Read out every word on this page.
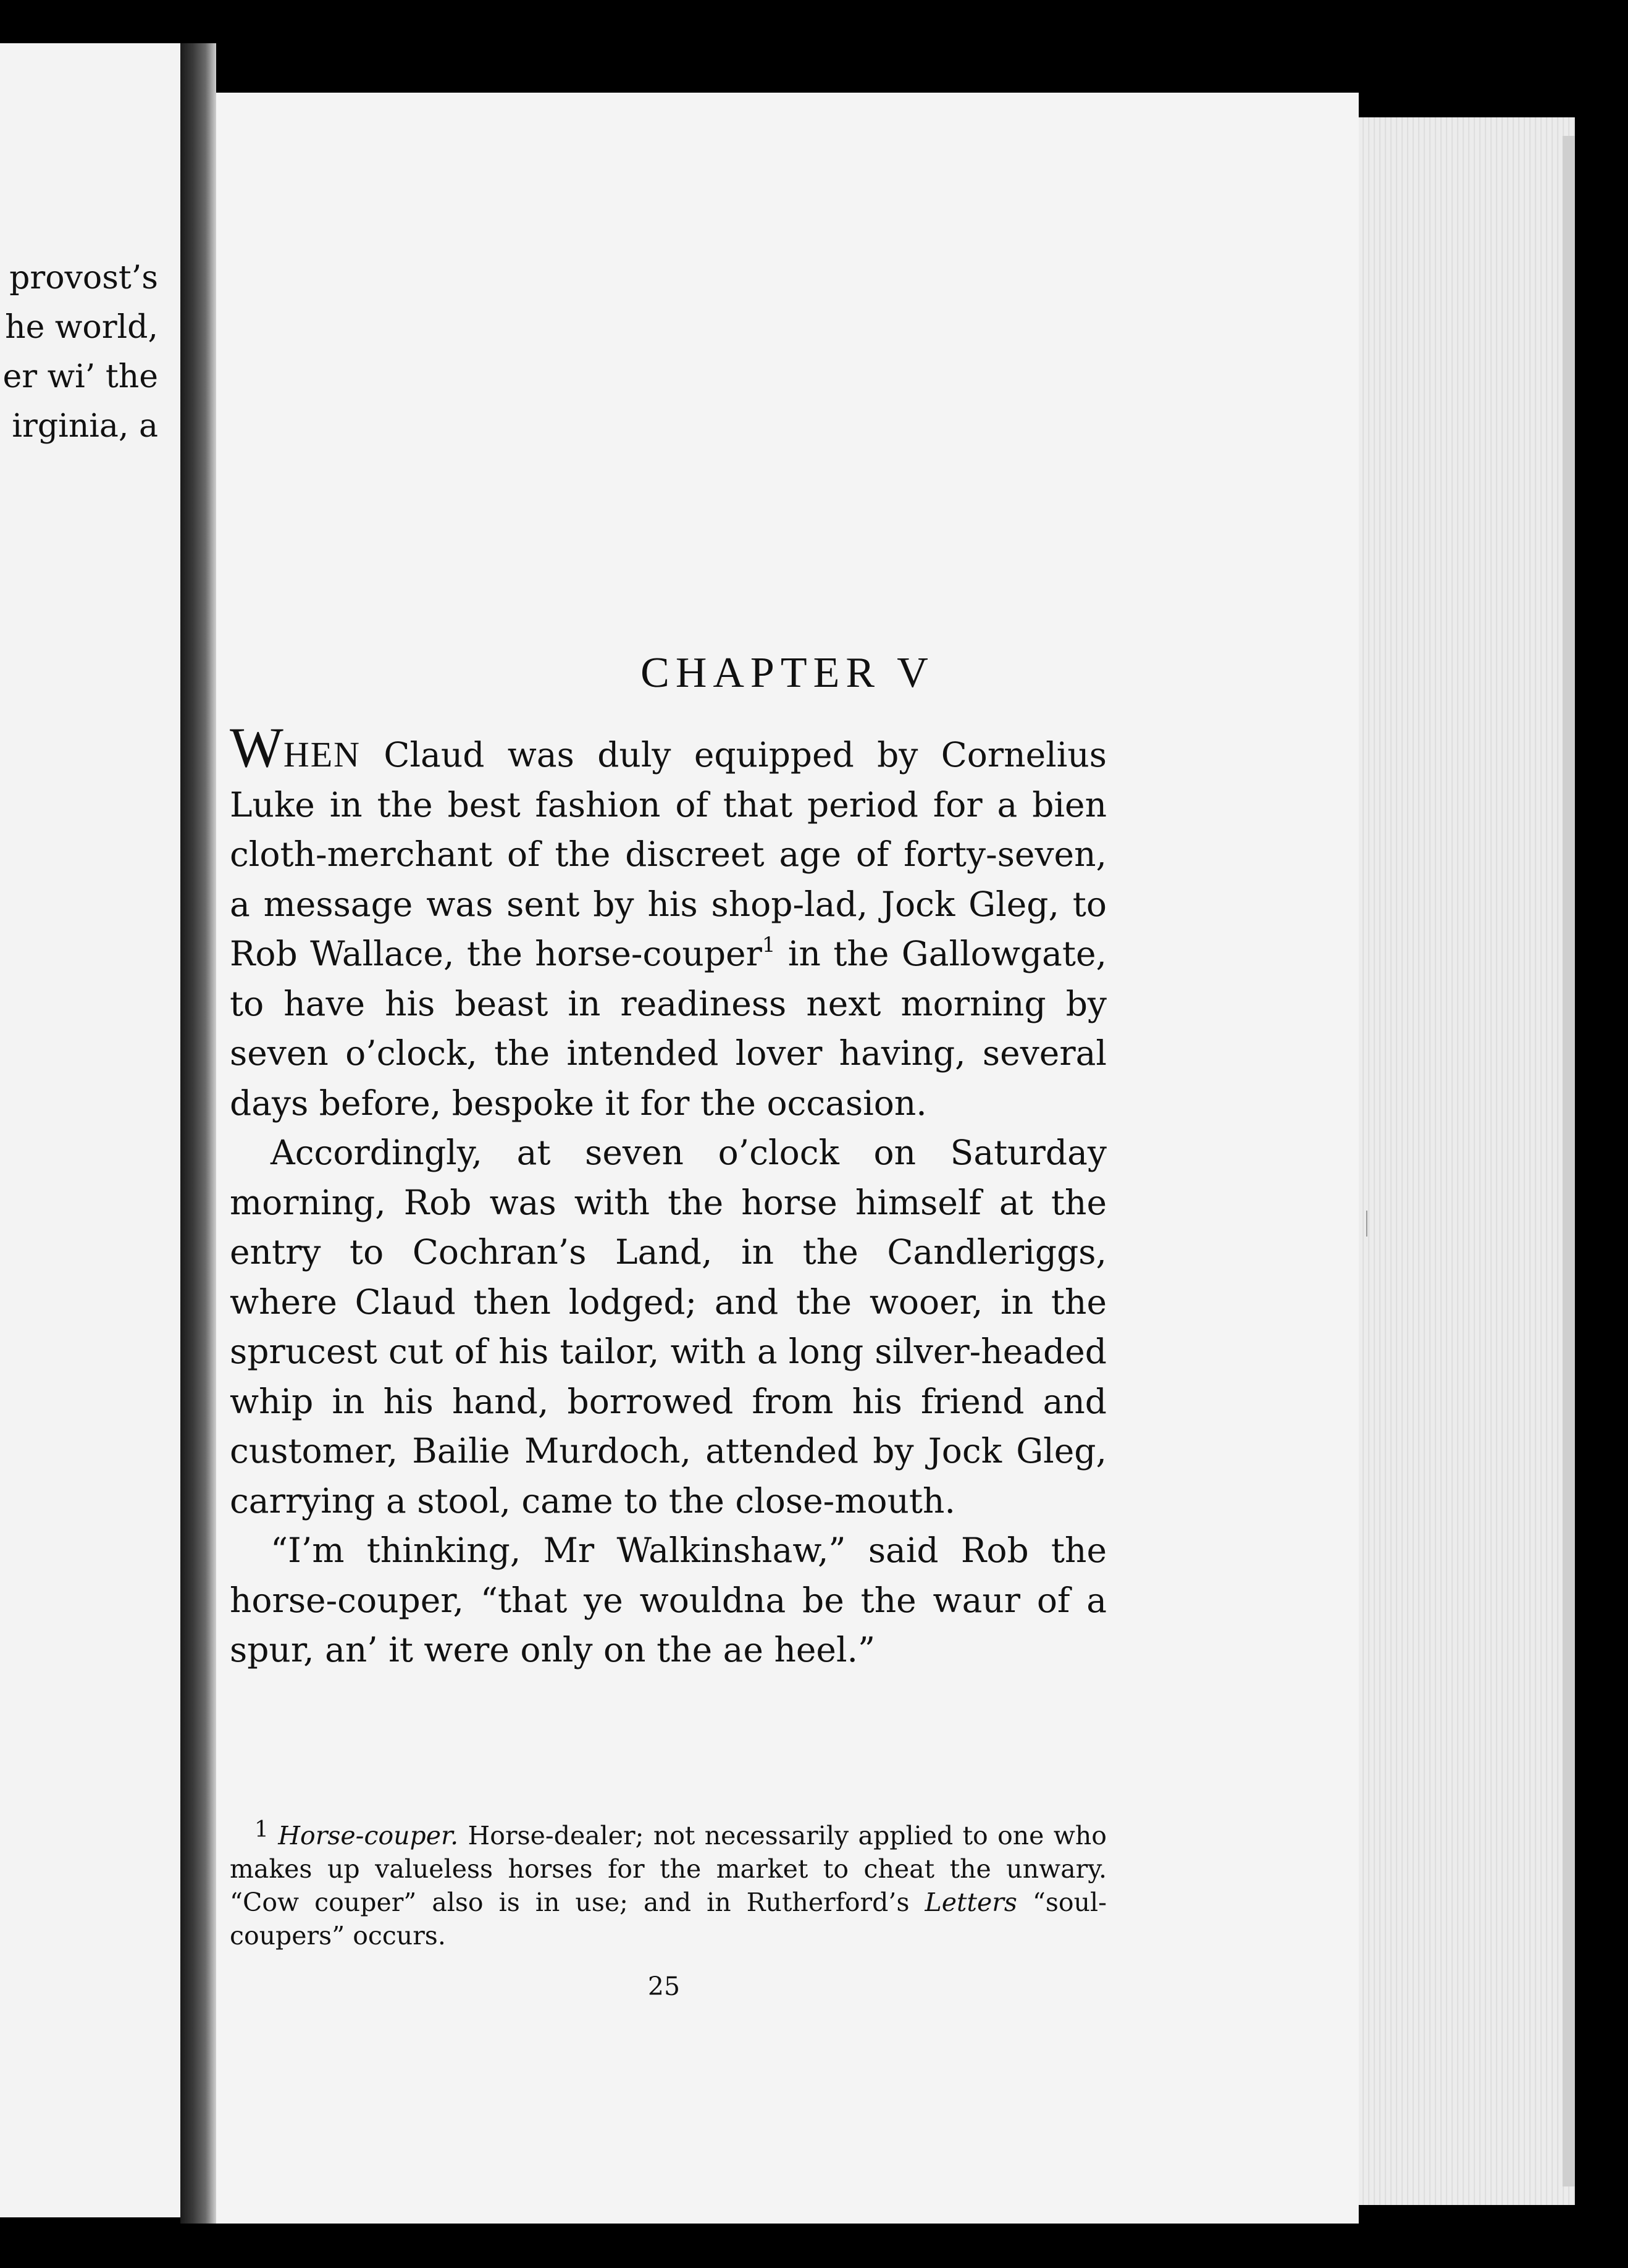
provost’s
he world,
er wi’ the
irginia, a
CHAPTER V

WHEN Claud was duly equipped by Cornelius Luke in the best fashion of that period for a bien cloth-merchant of the discreet age of forty-seven, a message was sent by his shop-lad, Jock Gleg, to Rob Wallace, the horse-couper$^1$ in the Gallowgate, to have his beast in readiness next morning by seven o’clock, the intended lover having, several days before, bespoke it for the occasion.

Accordingly, at seven o’clock on Saturday morning, Rob was with the horse himself at the entry to Cochran’s Land, in the Candleriggs, where Claud then lodged; and the wooer, in the sprucest cut of his tailor, with a long silver-headed whip in his hand, borrowed from his friend and customer, Bailie Murdoch, attended by Jock Gleg, carrying a stool, came to the close-mouth.

“I’m thinking, Mr Walkinshaw,” said Rob the horse-couper, “that ye wouldna be the waur of a spur, an’ it were only on the ae heel.”

1 Horse-couper. Horse-dealer; not necessarily applied to one who makes up valueless horses for the market to cheat the unwary. “Cow couper” also is in use; and in Rutherford’s Letters “soul-coupers” occurs.

25
